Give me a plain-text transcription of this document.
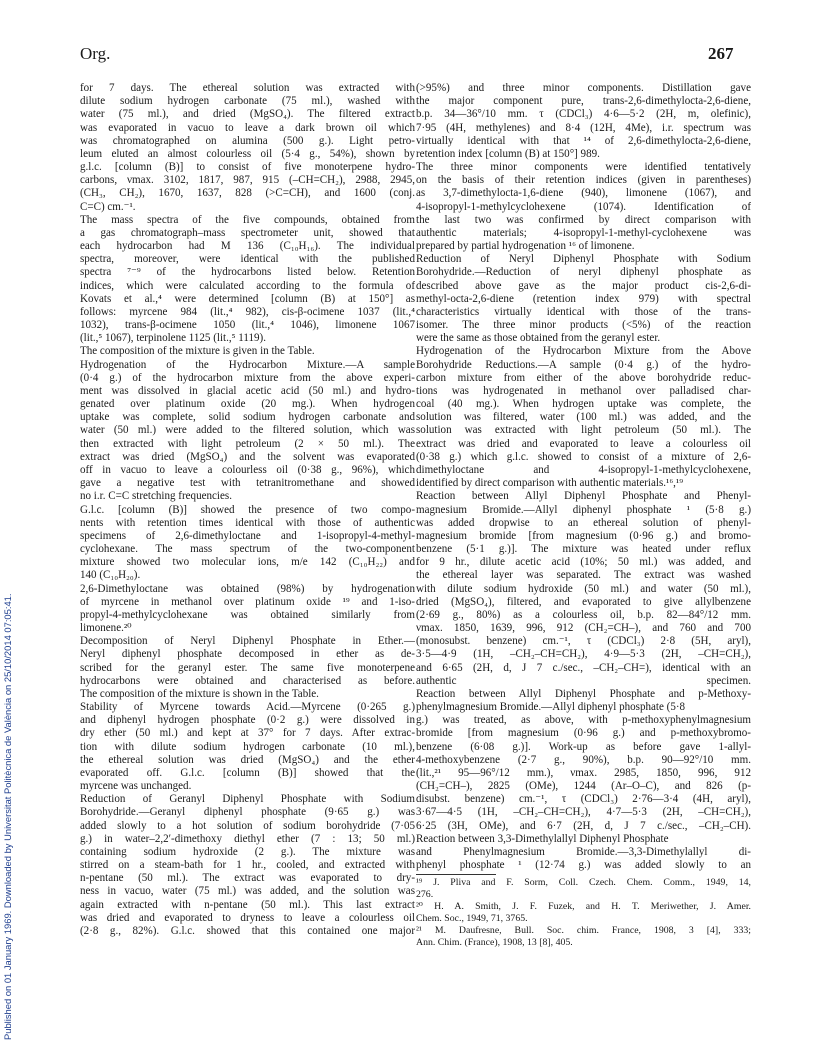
Org.	267
Published on 01 January 1969. Downloaded by Universitat Politècnica de València on 25/10/2014 07:05:41.
for 7 days. The ethereal solution was extracted with
dilute sodium hydrogen carbonate (75 ml.), washed with
water (75 ml.), and dried (MgSO₄). The filtered extract
was evaporated in vacuo to leave a dark brown oil which
was chromatographed on alumina (500 g.). Light petro-
leum eluted an almost colourless oil (5·4 g., 54%), shown by
g.l.c. [column (B)] to consist of five monoterpene hydro-
carbons, νmax. 3102, 1817, 987, 915 (–CH=CH₂), 2988, 2945,
(CH₃, CH₂), 1670, 1637, 828 (>C=CH), and 1600 (conj.
C=C) cm.⁻¹.
The mass spectra of the five compounds, obtained from
a gas chromatograph–mass spectrometer unit, showed that
each hydrocarbon had M 136 (C₁₀H₁₆). The individual
spectra, moreover, were identical with the published
spectra ⁷⁻⁹ of the hydrocarbons listed below. Retention
indices, which were calculated according to the formula of
Kovats et al.,⁴ were determined [column (B) at 150°] as
follows: myrcene 984 (lit.,⁴ 982), cis-β-ocimene 1037 (lit.,⁴
1032), trans-β-ocimene 1050 (lit.,⁴ 1046), limonene 1067
(lit.,⁵ 1067), terpinolene 1125 (lit.,⁵ 1119).
The composition of the mixture is given in the Table.
Hydrogenation of the Hydrocarbon Mixture.—A sample
(0·4 g.) of the hydrocarbon mixture from the above experi-
ment was dissolved in glacial acetic acid (50 ml.) and hydro-
genated over platinum oxide (20 mg.). When hydrogen
uptake was complete, solid sodium hydrogen carbonate and
water (50 ml.) were added to the filtered solution, which was
then extracted with light petroleum (2 × 50 ml.). The
extract was dried (MgSO₄) and the solvent was evaporated
off in vacuo to leave a colourless oil (0·38 g., 96%), which
gave a negative test with tetranitromethane and showed
no i.r. C=C stretching frequencies.
G.l.c. [column (B)] showed the presence of two compo-
nents with retention times identical with those of authentic
specimens of 2,6-dimethyloctane and 1-isopropyl-4-methyl-
cyclohexane. The mass spectrum of the two-component
mixture showed two molecular ions, m/e 142 (C₁₀H₂₂) and
140 (C₁₀H₂₀).
2,6-Dimethyloctane was obtained (98%) by hydrogenation
of myrcene in methanol over platinum oxide ¹⁹ and 1-iso-
propyl-4-methylcyclohexane was obtained similarly from
limonene.²⁰
Decomposition of Neryl Diphenyl Phosphate in Ether.—
Neryl diphenyl phosphate decomposed in ether as de-
scribed for the geranyl ester. The same five monoterpene
hydrocarbons were obtained and characterised as before.
The composition of the mixture is shown in the Table.
Stability of Myrcene towards Acid.—Myrcene (0·265 g.)
and diphenyl hydrogen phosphate (0·2 g.) were dissolved in
dry ether (50 ml.) and kept at 37° for 7 days. After extrac-
tion with dilute sodium hydrogen carbonate (10 ml.),
the ethereal solution was dried (MgSO₄) and the ether
evaporated off. G.l.c. [column (B)] showed that the
myrcene was unchanged.
Reduction of Geranyl Diphenyl Phosphate with Sodium
Borohydride.—Geranyl diphenyl phosphate (9·65 g.) was
added slowly to a hot solution of sodium borohydride (7·05
g.) in water–2,2′-dimethoxy diethyl ether (7 : 13; 50 ml.)
containing sodium hydroxide (2 g.). The mixture was
stirred on a steam-bath for 1 hr., cooled, and extracted with
n-pentane (50 ml.). The extract was evaporated to dry-
ness in vacuo, water (75 ml.) was added, and the solution was
again extracted with n-pentane (50 ml.). This last extract
was dried and evaporated to dryness to leave a colourless oil
(2·8 g., 82%). G.l.c. showed that this contained one major
(>95%) and three minor components. Distillation gave
the major component pure, trans-2,6-dimethylocta-2,6-diene,
b.p. 34—36°/10 mm. τ (CDCl₃) 4·6—5·2 (2H, m, olefinic),
7·95 (4H, methylenes) and 8·4 (12H, 4Me), i.r. spectrum was
virtually identical with that ¹⁴ of 2,6-dimethylocta-2,6-diene,
retention index [column (B) at 150°] 989.
The three minor components were identified tentatively
on the basis of their retention indices (given in parentheses)
as 3,7-dimethylocta-1,6-diene (940), limonene (1067), and
4-isopropyl-1-methylcyclohexene (1074). Identification of
the last two was confirmed by direct comparison with
authentic materials; 4-isopropyl-1-methyl-cyclohexene was
prepared by partial hydrogenation ¹⁶ of limonene.
Reduction of Neryl Diphenyl Phosphate with Sodium
Borohydride.—Reduction of neryl diphenyl phosphate as
described above gave as the major product cis-2,6-di-
methyl-octa-2,6-diene (retention index 979) with spectral
characteristics virtually identical with those of the trans-
isomer. The three minor products (<5%) of the reaction
were the same as those obtained from the geranyl ester.
Hydrogenation of the Hydrocarbon Mixture from the Above
Borohydride Reductions.—A sample (0·4 g.) of the hydro-
carbon mixture from either of the above borohydride reduc-
tions was hydrogenated in methanol over palladised char-
coal (40 mg.). When hydrogen uptake was complete, the
solution was filtered, water (100 ml.) was added, and the
solution was extracted with light petroleum (50 ml.). The
extract was dried and evaporated to leave a colourless oil
(0·38 g.) which g.l.c. showed to consist of a mixture of 2,6-
dimethyloctane and 4-isopropyl-1-methylcyclohexene,
identified by direct comparison with authentic materials.¹⁶,¹⁹
Reaction between Allyl Diphenyl Phosphate and Phenyl-
magnesium Bromide.—Allyl diphenyl phosphate ¹ (5·8 g.)
was added dropwise to an ethereal solution of phenyl-
magnesium bromide [from magnesium (0·96 g.) and bromo-
benzene (5·1 g.)]. The mixture was heated under reflux
for 9 hr., dilute acetic acid (10%; 50 ml.) was added, and
the ethereal layer was separated. The extract was washed
with dilute sodium hydroxide (50 ml.) and water (50 ml.),
dried (MgSO₄), filtered, and evaporated to give allylbenzene
(2·69 g., 80%) as a colourless oil, b.p. 82—84°/12 mm.
νmax. 1850, 1639, 996, 912 (CH₂=CH–), and 760 and 700
(monosubst. benzene) cm.⁻¹, τ (CDCl₃) 2·8 (5H, aryl),
3·5—4·9 (1H, –CH₂–CH=CH₂), 4·9—5·3 (2H, –CH=CH₂),
and 6·65 (2H, d, J 7 c./sec., –CH₂–CH=), identical with an
authentic specimen.
Reaction between Allyl Diphenyl Phosphate and p-Methoxy-
phenylmagnesium Bromide.—Allyl diphenyl phosphate (5·8
g.) was treated, as above, with p-methoxyphenylmagnesium
bromide [from magnesium (0·96 g.) and p-methoxybromo-
benzene (6·08 g.)]. Work-up as before gave 1-allyl-
4-methoxybenzene (2·7 g., 90%), b.p. 90—92°/10 mm.
(lit.,²¹ 95—96°/12 mm.), νmax. 2985, 1850, 996, 912
(CH₂=CH–), 2825 (OMe), 1244 (Ar–O–C), and 826 (p-
disubst. benzene) cm.⁻¹, τ (CDCl₃) 2·76—3·4 (4H, aryl),
3·67—4·5 (1H, –CH₂–CH=CH₂), 4·7—5·3 (2H, –CH=CH₂),
6·25 (3H, OMe), and 6·7 (2H, d, J 7 c./sec., –CH₂–CH).
Reaction between 3,3-Dimethylallyl Diphenyl Phosphate
and Phenylmagnesium Bromide.—3,3-Dimethylallyl di-
phenyl phosphate ¹ (12·74 g.) was added slowly to an
¹⁹ J. Pliva and F. Sorm, Coll. Czech. Chem. Comm., 1949, 14,
276.
²⁰ H. A. Smith, J. F. Fuzek, and H. T. Meriwether, J. Amer.
Chem. Soc., 1949, 71, 3765.
²¹ M. Daufresne, Bull. Soc. chim. France, 1908, 3 [4], 333;
Ann. Chim. (France), 1908, 13 [8], 405.
